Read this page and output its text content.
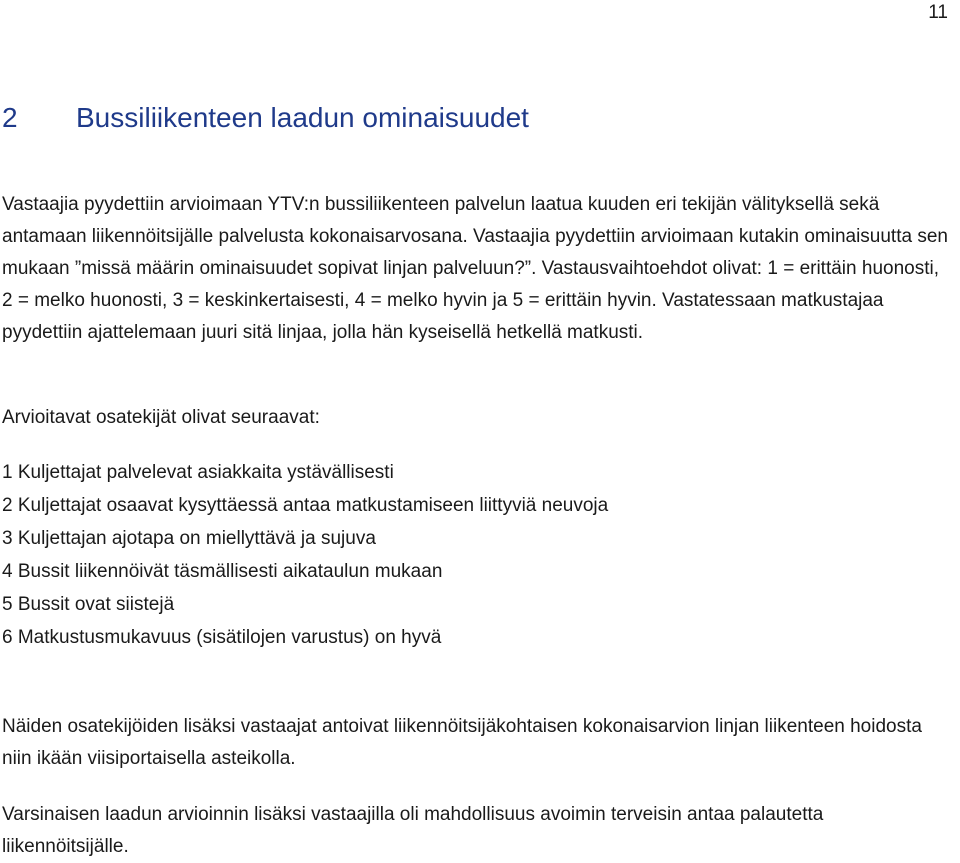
11
2 Bussiliikenteen laadun ominaisuudet

Vastaajia pyydettiin arvioimaan YTV:n bussiliikenteen palvelun laatua kuuden eri tekijän välityksellä sekä antamaan liikennöitsijälle palvelusta kokonaisarvosana. Vastaajia pyydettiin arvioimaan kutakin ominaisuutta sen mukaan ”missä määrin ominaisuudet sopivat linjan palveluun?”. Vastausvaihtoehdot olivat: 1 = erittäin huonosti, 2 = melko huonosti, 3 = keskinkertaisesti, 4 = melko hyvin ja 5 = erittäin hyvin. Vastatessaan matkustajaa pyydettiin ajattelemaan juuri sitä linjaa, jolla hän kyseisellä hetkellä matkusti.

Arvioitavat osatekijät olivat seuraavat:

1 Kuljettajat palvelevat asiakkaita ystävällisesti
2 Kuljettajat osaavat kysyttäessä antaa matkustamiseen liittyviä neuvoja
3 Kuljettajan ajotapa on miellyttävä ja sujuva
4 Bussit liikennöivät täsmällisesti aikataulun mukaan
5 Bussit ovat siistejä
6 Matkustusmukavuus (sisätilojen varustus) on hyvä

Näiden osatekijöiden lisäksi vastaajat antoivat liikennöitsijäkohtaisen kokonaisarvion linjan liikenteen hoidosta niin ikään viisiportaisella asteikolla.

Varsinaisen laadun arvioinnin lisäksi vastaajilla oli mahdollisuus avoimin terveisin antaa palautetta liikennöitsijälle.
